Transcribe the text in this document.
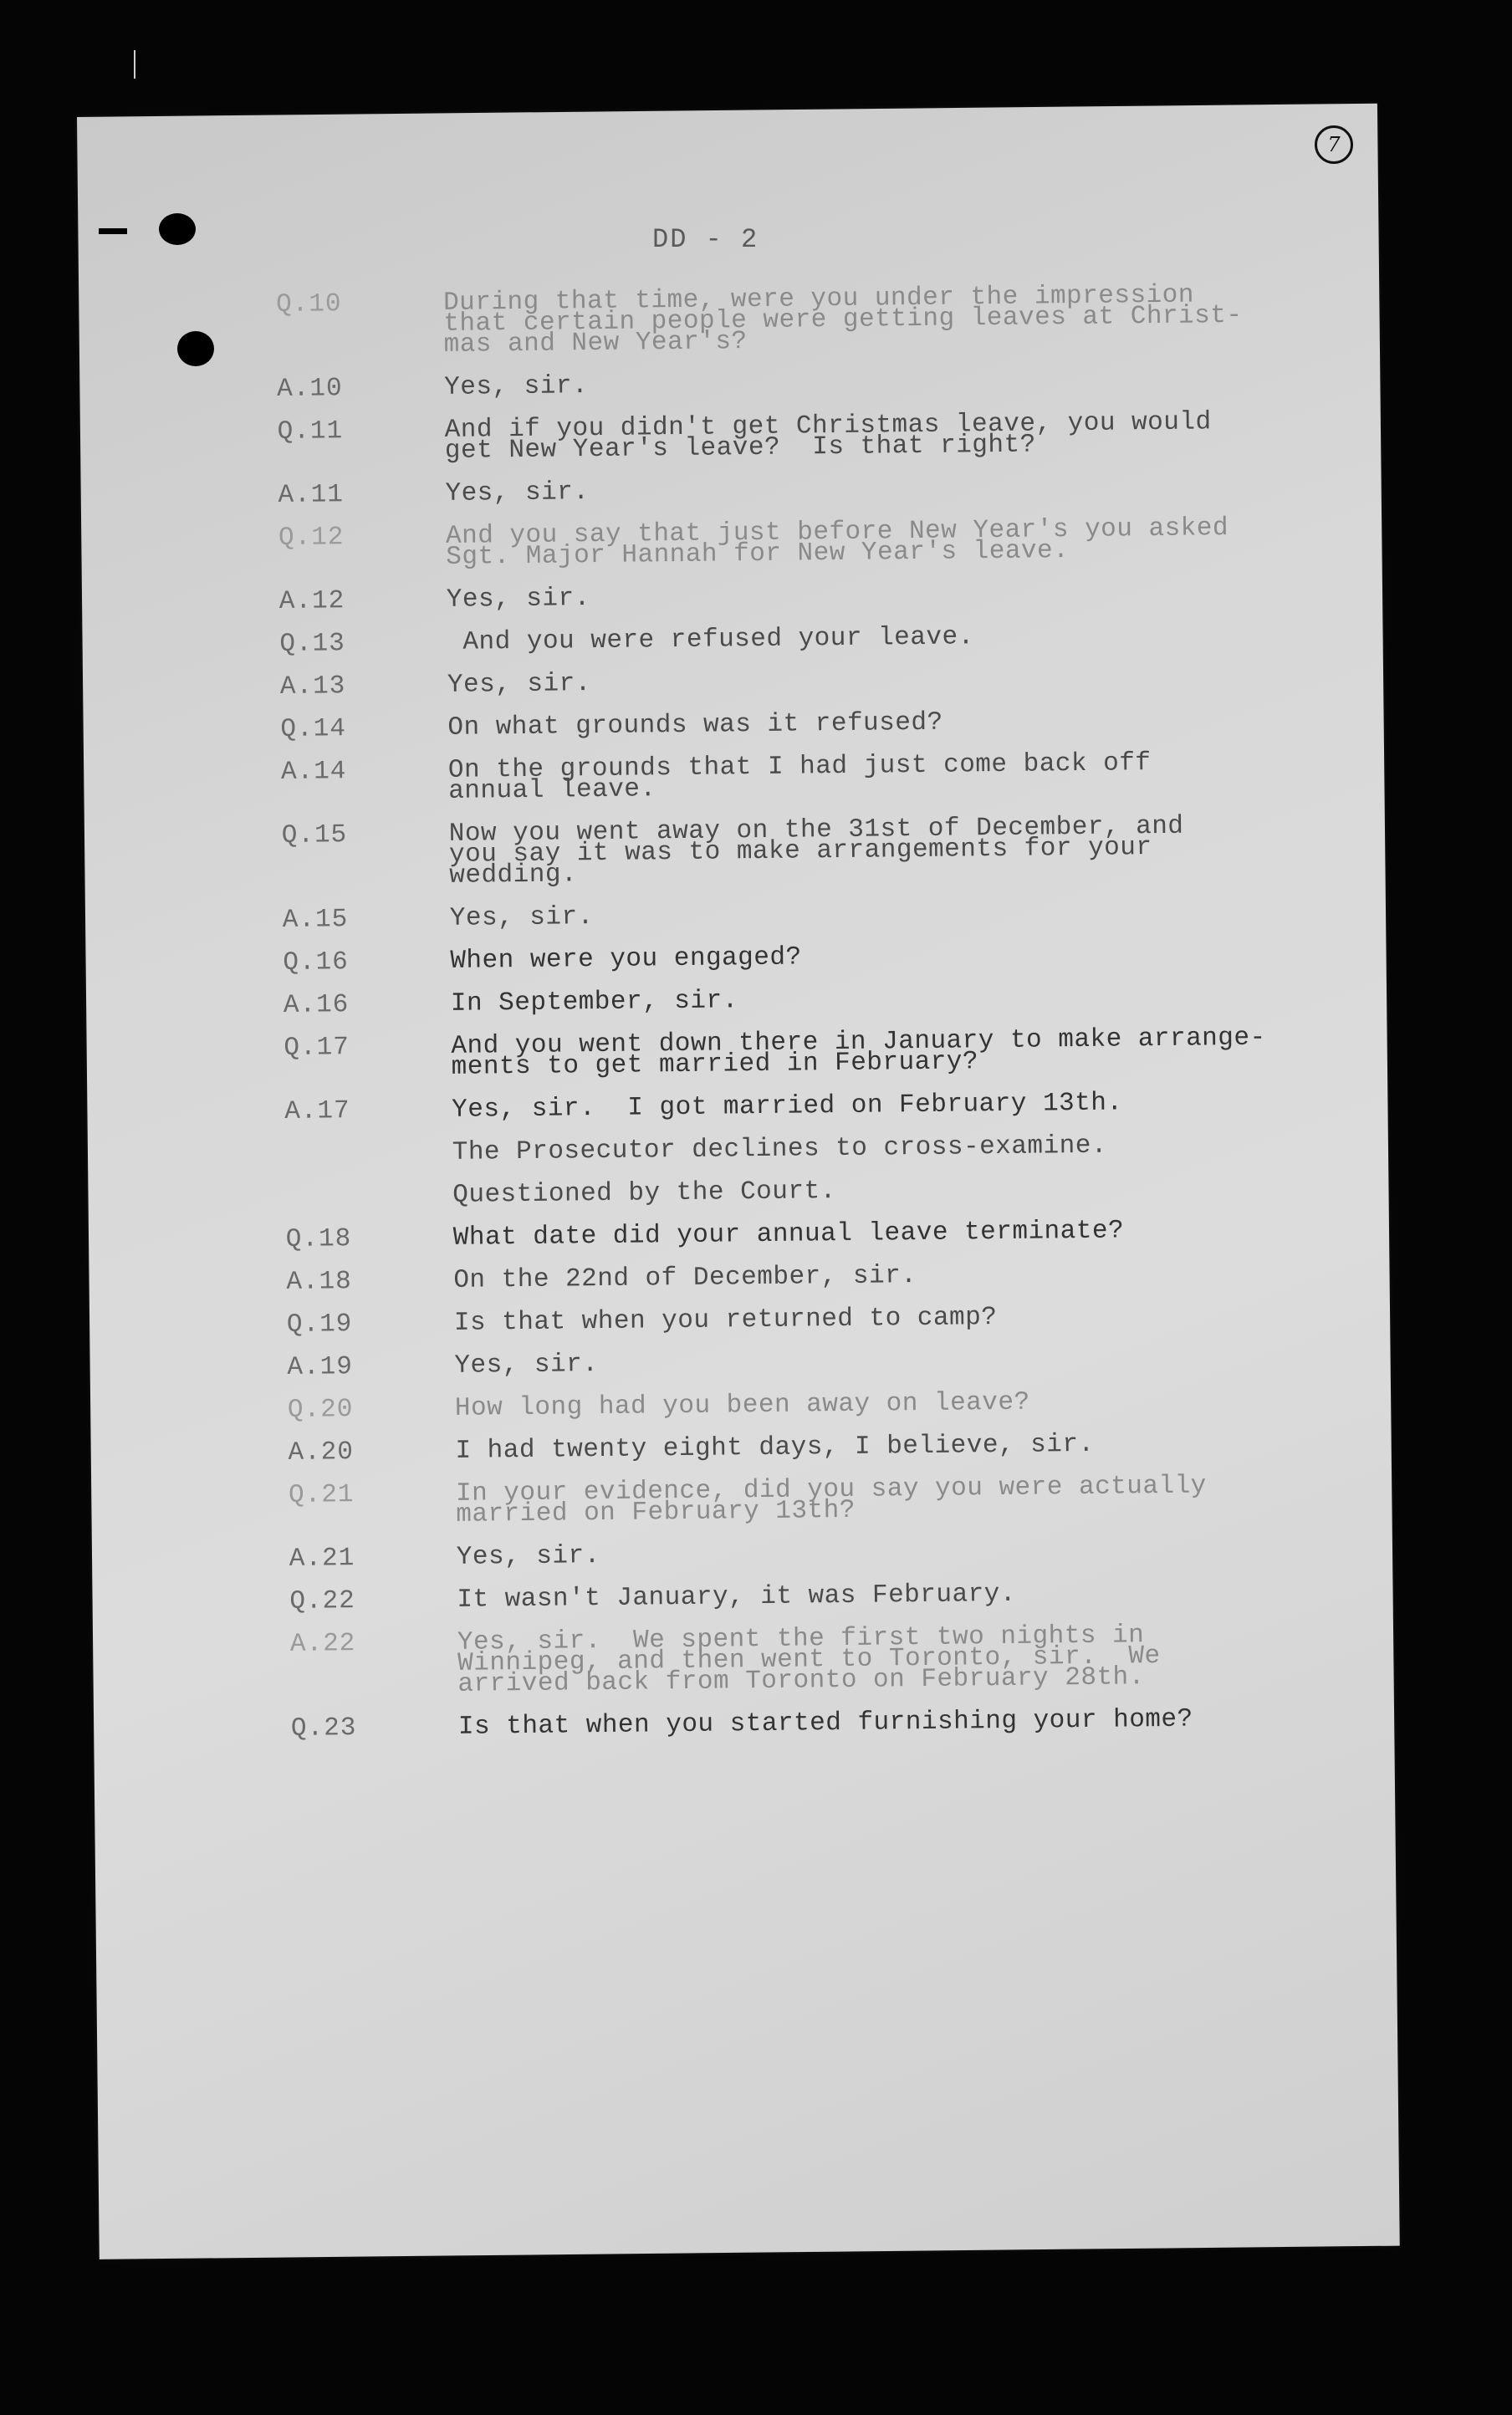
7
DD - 2
Q.10	During that time, were you under the impression
that certain people were getting leaves at Christ-
mas and New Year's?
A.10	Yes, sir.
Q.11	And if you didn't get Christmas leave, you would
get New Year's leave?  Is that right?
A.11	Yes, sir.
Q.12	And you say that just before New Year's you asked
Sgt. Major Hannah for New Year's leave.
A.12	Yes, sir.
Q.13	And you were refused your leave.
A.13	Yes, sir.
Q.14	On what grounds was it refused?
A.14	On the grounds that I had just come back off
annual leave.
Q.15	Now you went away on the 31st of December, and
you say it was to make arrangements for your
wedding.
A.15	Yes, sir.
Q.16	When were you engaged?
A.16	In September, sir.
Q.17	And you went down there in January to make arrange-
ments to get married in February?
A.17	Yes, sir.  I got married on February 13th.
The Prosecutor declines to cross-examine.
Questioned by the Court.
Q.18	What date did your annual leave terminate?
A.18	On the 22nd of December, sir.
Q.19	Is that when you returned to camp?
A.19	Yes, sir.
Q.20	How long had you been away on leave?
A.20	I had twenty eight days, I believe, sir.
Q.21	In your evidence, did you say you were actually
married on February 13th?
A.21	Yes, sir.
Q.22	It wasn't January, it was February.
A.22	Yes, sir.  We spent the first two nights in
Winnipeg, and then went to Toronto, sir.  We
arrived back from Toronto on February 28th.
Q.23	Is that when you started furnishing your home?
